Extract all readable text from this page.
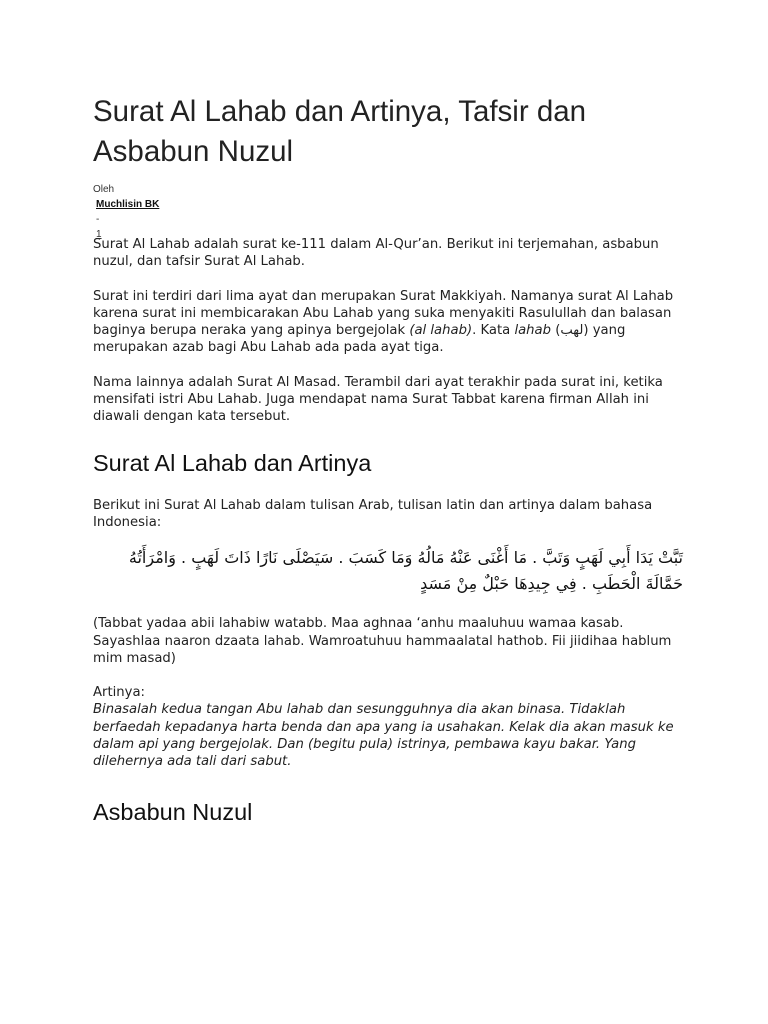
Surat Al Lahab dan Artinya, Tafsir dan Asbabun Nuzul
Oleh
Muchlisin BK
-
1

Surat Al Lahab adalah surat ke-111 dalam Al-Qur’an. Berikut ini terjemahan, asbabun nuzul, dan tafsir Surat Al Lahab.

Surat ini terdiri dari lima ayat dan merupakan Surat Makkiyah. Namanya surat Al Lahab karena surat ini membicarakan Abu Lahab yang suka menyakiti Rasulullah dan balasan baginya berupa neraka yang apinya bergejolak (al lahab). Kata lahab (لهب) yang merupakan azab bagi Abu Lahab ada pada ayat tiga.

Nama lainnya adalah Surat Al Masad. Terambil dari ayat terakhir pada surat ini, ketika mensifati istri Abu Lahab. Juga mendapat nama Surat Tabbat karena firman Allah ini diawali dengan kata tersebut.

Surat Al Lahab dan Artinya

Berikut ini Surat Al Lahab dalam tulisan Arab, tulisan latin dan artinya dalam bahasa Indonesia:

تَبَّتْ يَدَا أَبِي لَهَبٍ وَتَبَّ . مَا أَغْنَى عَنْهُ مَالُهُ وَمَا كَسَبَ . سَيَصْلَى نَارًا ذَاتَ لَهَبٍ . وَامْرَأَتُهُ حَمَّالَةَ الْحَطَبِ . فِي جِيدِهَا حَبْلٌ مِنْ مَسَدٍ

(Tabbat yadaa abii lahabiw watabb. Maa aghnaa ‘anhu maaluhuu wamaa kasab. Sayashlaa naaron dzaata lahab. Wamroatuhuu hammaalatal hathob. Fii jiidihaa hablum mim masad)

Artinya:
Binasalah kedua tangan Abu lahab dan sesungguhnya dia akan binasa. Tidaklah berfaedah kepadanya harta benda dan apa yang ia usahakan. Kelak dia akan masuk ke dalam api yang bergejolak. Dan (begitu pula) istrinya, pembawa kayu bakar. Yang dilehernya ada tali dari sabut.

Asbabun Nuzul
